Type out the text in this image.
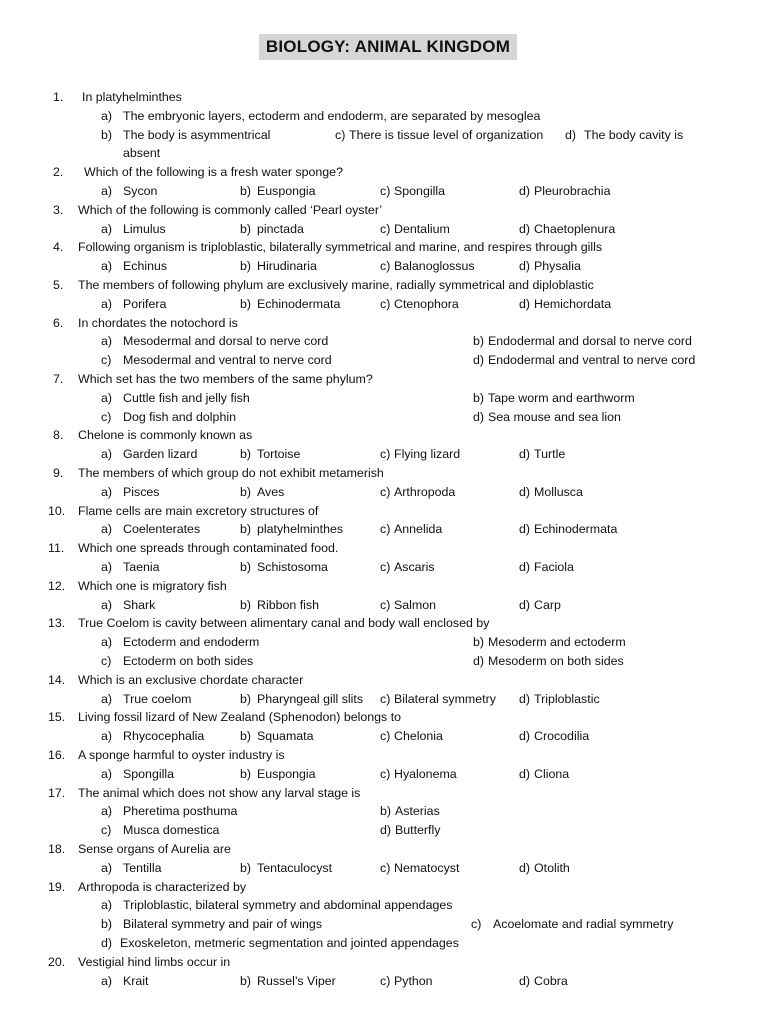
BIOLOGY: ANIMAL KINGDOM
1. In platyhelminthes
a) The embryonic layers, ectoderm and endoderm, are separated by mesoglea
b) The body is asymmentrical	c) There is tissue level of organization d) The body cavity is
absent
2. Which of the following is a fresh water sponge?
a) Sycon	b) Euspongia	c) Spongilla	d) Pleurobrachia
3. Which of the following is commonly called ‘Pearl oyster’
a) Limulus	b) pinctada	c) Dentalium	d) Chaetoplenura
4. Following organism is triploblastic, bilaterally symmetrical and marine, and respires through gills
a) Echinus	b) Hirudinaria	c) Balanoglossus	d) Physalia
5. The members of following phylum are exclusively marine, radially symmetrical and diploblastic
a) Porifera	b) Echinodermata	c) Ctenophora	d) Hemichordata
6. In chordates the notochord is
a) Mesodermal and dorsal to nerve cord	b) Endodermal and dorsal to nerve cord
c) Mesodermal and ventral to nerve cord	d) Endodermal and ventral to nerve cord
7. Which set has the two members of the same phylum?
a) Cuttle fish and jelly fish	b) Tape worm and earthworm
c) Dog fish and dolphin	d) Sea mouse and sea lion
8. Chelone is commonly known as
a) Garden lizard	b) Tortoise	c) Flying lizard	d) Turtle
9. The members of which group do not exhibit metamerish
a) Pisces	b) Aves	c) Arthropoda	d) Mollusca
10. Flame cells are main excretory structures of
a) Coelenterates	b) platyhelminthes	c) Annelida	d) Echinodermata
11. Which one spreads through contaminated food.
a) Taenia	b) Schistosoma	c) Ascaris	d) Faciola
12. Which one is migratory fish
a) Shark	b) Ribbon fish	c) Salmon	d) Carp
13. True Coelom is cavity between alimentary canal and body wall enclosed by
a) Ectoderm and endoderm	b) Mesoderm and ectoderm
c) Ectoderm on both sides	d) Mesoderm on both sides
14. Which is an exclusive chordate character
a) True coelom	b) Pharyngeal gill slits c) Bilateral symmetry d) Triploblastic
15. Living fossil lizard of New Zealand (Sphenodon) belongs to
a) Rhycocephalia	b) Squamata	c) Chelonia	d) Crocodilia
16. A sponge harmful to oyster industry is
a) Spongilla	b) Euspongia	c) Hyalonema	d) Cliona
17. The animal which does not show any larval stage is
a) Pheretima posthuma	b) Asterias
c) Musca domestica	d) Butterfly
18. Sense organs of Aurelia are
a) Tentilla	b) Tentaculocyst	c) Nematocyst	d) Otolith
19. Arthropoda is characterized by
a) Triploblastic, bilateral symmetry and abdominal appendages
b) Bilateral symmetry and pair of wings	c) Acoelomate and radial symmetry
d) Exoskeleton, metmeric segmentation and jointed appendages
20. Vestigial hind limbs occur in
a) Krait	b) Russel’s Viper	c) Python	d) Cobra
